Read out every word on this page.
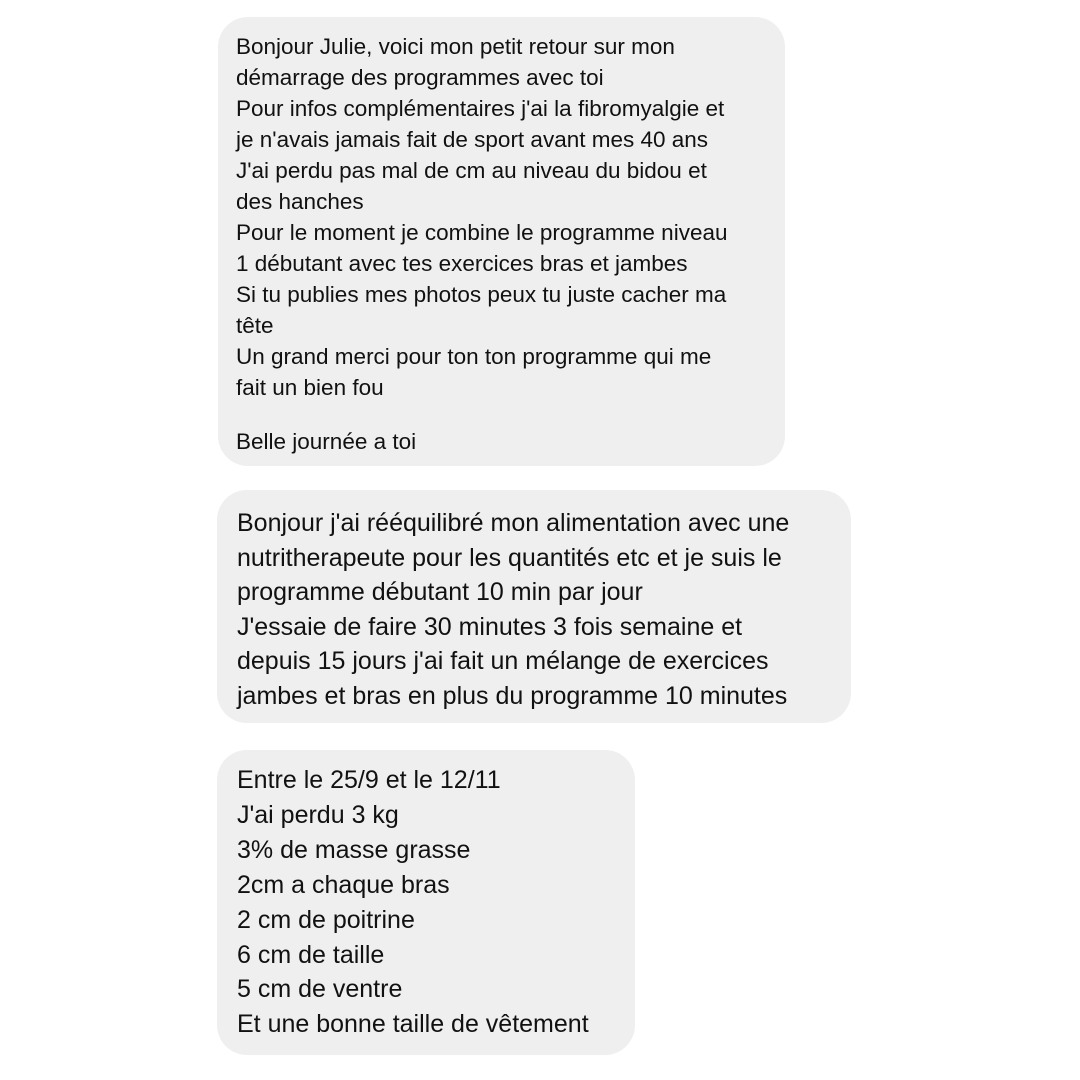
Bonjour Julie, voici mon petit retour sur mon
démarrage des programmes avec toi
Pour infos complémentaires j'ai la fibromyalgie et
je n'avais jamais fait de sport avant mes 40 ans
J'ai perdu pas mal de cm au niveau du bidou et
des hanches
Pour le moment je combine le programme niveau
1 débutant avec tes exercices bras et jambes
Si tu publies mes photos peux tu juste cacher ma
tête
Un grand merci pour ton ton programme qui me
fait un bien fou
Belle journée a toi
Bonjour j'ai rééquilibré mon alimentation avec une
nutritherapeute pour les quantités etc et je suis le
programme débutant 10 min par jour
J'essaie de faire 30 minutes 3 fois semaine et
depuis 15 jours j'ai fait un mélange de exercices
jambes et bras en plus du programme 10 minutes
Entre le 25/9 et le 12/11
J'ai perdu 3 kg
3% de masse grasse
2cm a chaque bras
2 cm de poitrine
6 cm de taille
5 cm de ventre
Et une bonne taille de vêtement
